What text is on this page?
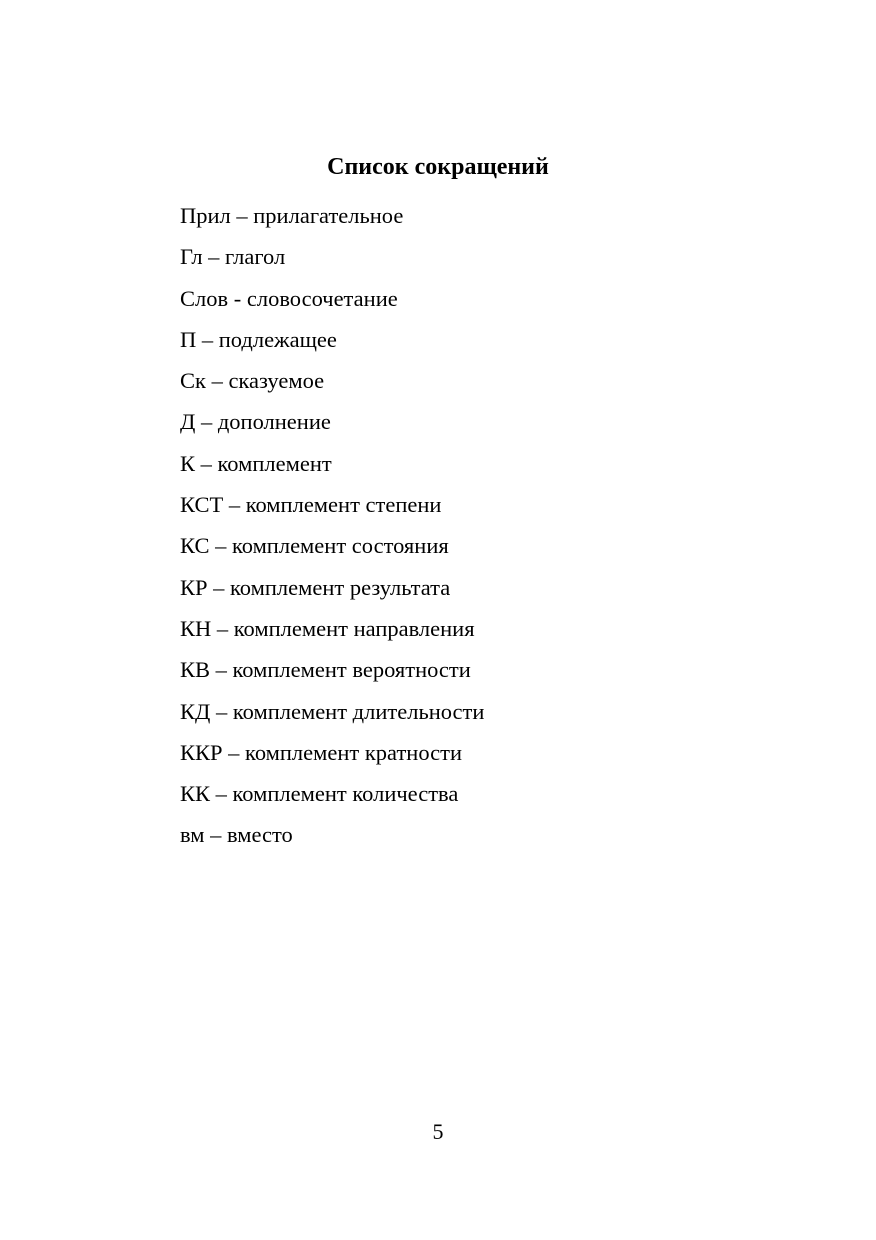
Список сокращений
Прил – прилагательное
Гл – глагол
Слов - словосочетание
П – подлежащее
Ск – сказуемое
Д – дополнение
К – комплемент
КСТ – комплемент степени
КС – комплемент состояния
КР – комплемент результата
КН – комплемент направления
КВ – комплемент вероятности
КД – комплемент длительности
ККР – комплемент кратности
КК – комплемент количества
вм – вместо
5
